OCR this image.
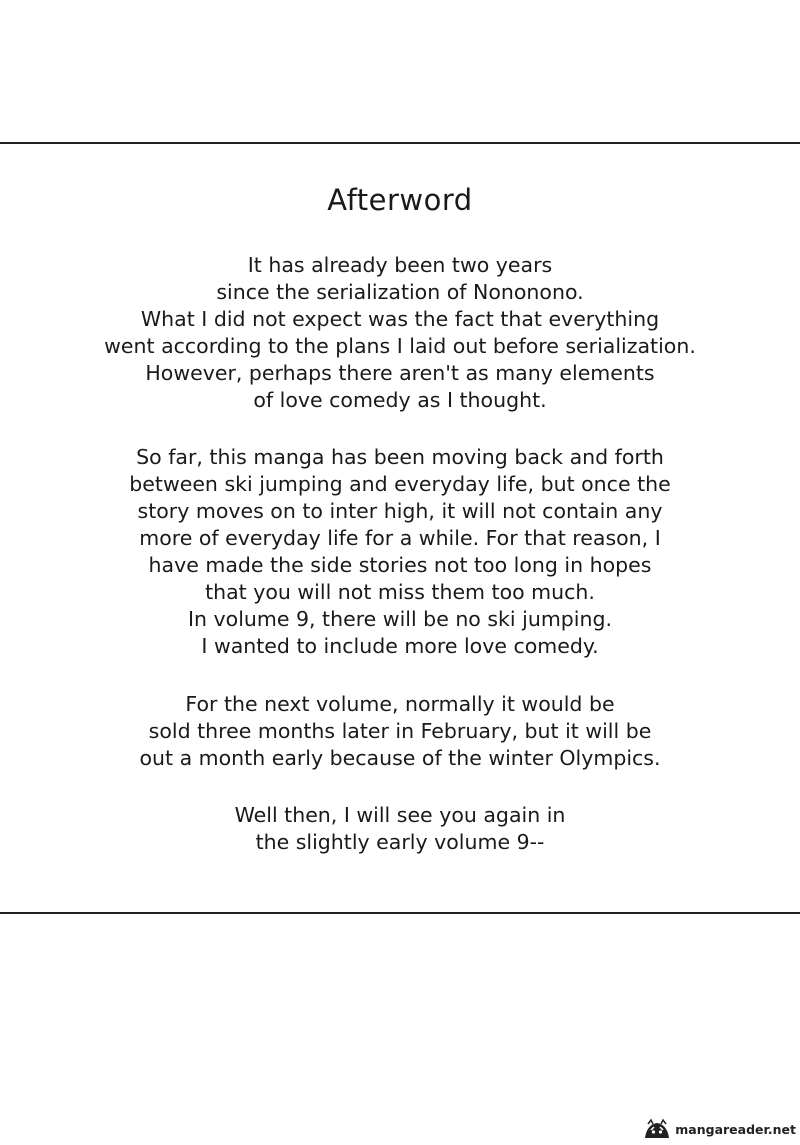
Afterword
It has already been two years
since the serialization of Nononono.
What I did not expect was the fact that everything
went according to the plans I laid out before serialization.
However, perhaps there aren't as many elements
of love comedy as I thought.
So far, this manga has been moving back and forth
between ski jumping and everyday life, but once the
story moves on to inter high, it will not contain any
more of everyday life for a while. For that reason, I
have made the side stories not too long in hopes
that you will not miss them too much.
In volume 9, there will be no ski jumping.
I wanted to include more love comedy.
For the next volume, normally it would be
sold three months later in February, but it will be
out a month early because of the winter Olympics.
Well then, I will see you again in
the slightly early volume 9--
mangareader.net
